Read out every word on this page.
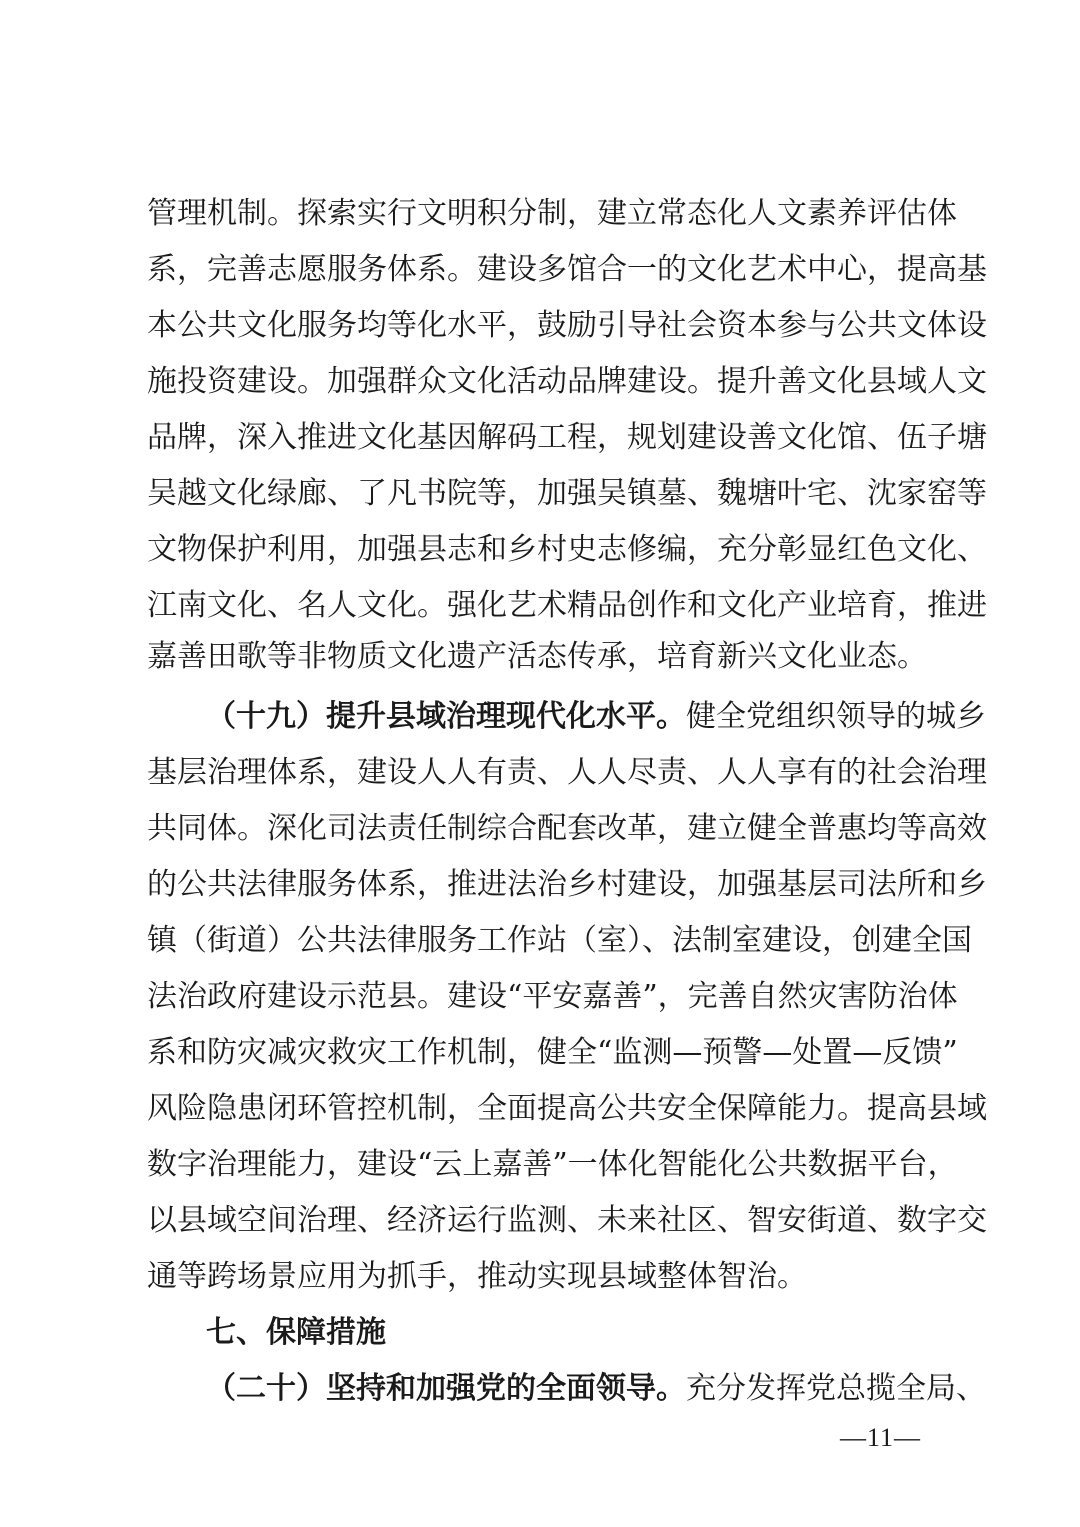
管理机制。探索实行文明积分制，建立常态化人文素养评估体
系，完善志愿服务体系。建设多馆合一的文化艺术中心，提高基
本公共文化服务均等化水平，鼓励引导社会资本参与公共文体设
施投资建设。加强群众文化活动品牌建设。提升善文化县域人文
品牌，深入推进文化基因解码工程，规划建设善文化馆、伍子塘
吴越文化绿廊、了凡书院等，加强吴镇墓、魏塘叶宅、沈家窑等
文物保护利用，加强县志和乡村史志修编，充分彰显红色文化、
江南文化、名人文化。强化艺术精品创作和文化产业培育，推进
嘉善田歌等非物质文化遗产活态传承，培育新兴文化业态。
（十九）提升县域治理现代化水平。健全党组织领导的城乡
基层治理体系，建设人人有责、人人尽责、人人享有的社会治理
共同体。深化司法责任制综合配套改革，建立健全普惠均等高效
的公共法律服务体系，推进法治乡村建设，加强基层司法所和乡
镇（街道）公共法律服务工作站（室）、法制室建设，创建全国
法治政府建设示范县。建设“平安嘉善”，完善自然灾害防治体
系和防灾减灾救灾工作机制，健全“监测—预警—处置—反馈”
风险隐患闭环管控机制，全面提高公共安全保障能力。提高县域
数字治理能力，建设“云上嘉善”一体化智能化公共数据平台，
以县域空间治理、经济运行监测、未来社区、智安街道、数字交
通等跨场景应用为抓手，推动实现县域整体智治。
七、保障措施
（二十）坚持和加强党的全面领导。充分发挥党总揽全局、
—11—
